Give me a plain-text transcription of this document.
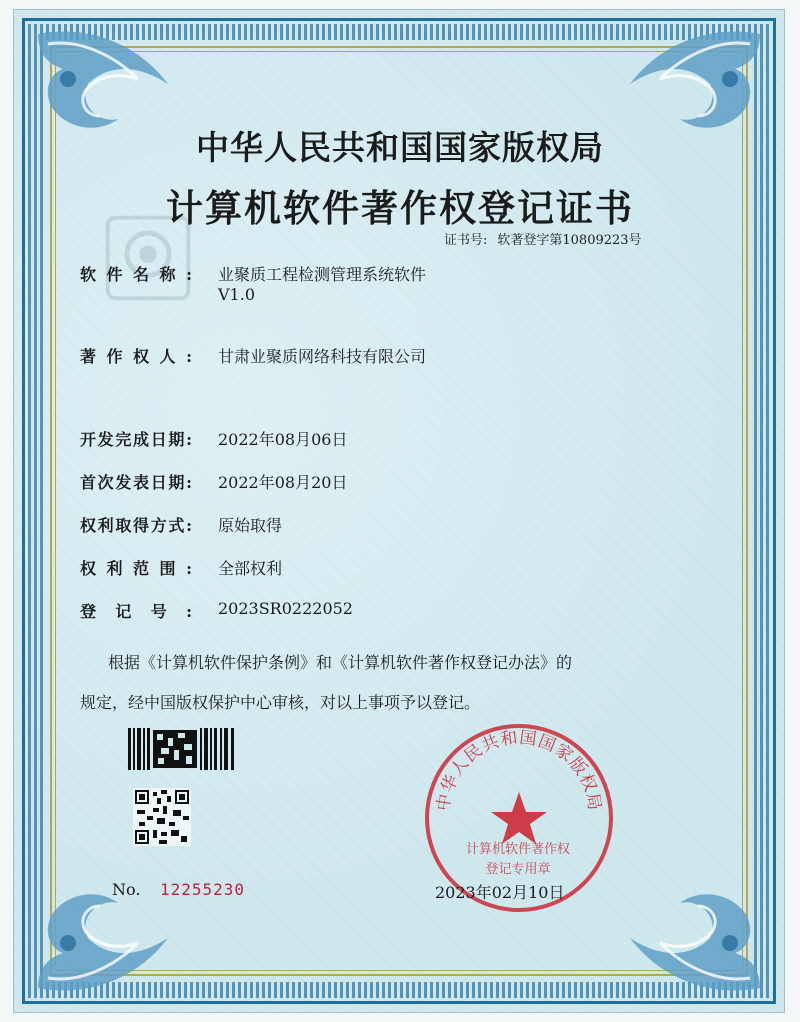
中华人民共和国国家版权局
计算机软件著作权登记证书
证书号: 软著登字第10809223号
软件名称: 业聚质工程检测管理系统软件
V1.0
著作权人: 甘肃业聚质网络科技有限公司
开发完成日期: 2022年08月06日
首次发表日期: 2022年08月20日
权利取得方式: 原始取得
权利范围: 全部权利
登记号: 2023SR0222052
根据《计算机软件保护条例》和《计算机软件著作权登记办法》的
规定，经中国版权保护中心审核，对以上事项予以登记。
No. 12255230
中华人民共和国国家版权局
计算机软件著作权
登记专用章
2023年02月10日
